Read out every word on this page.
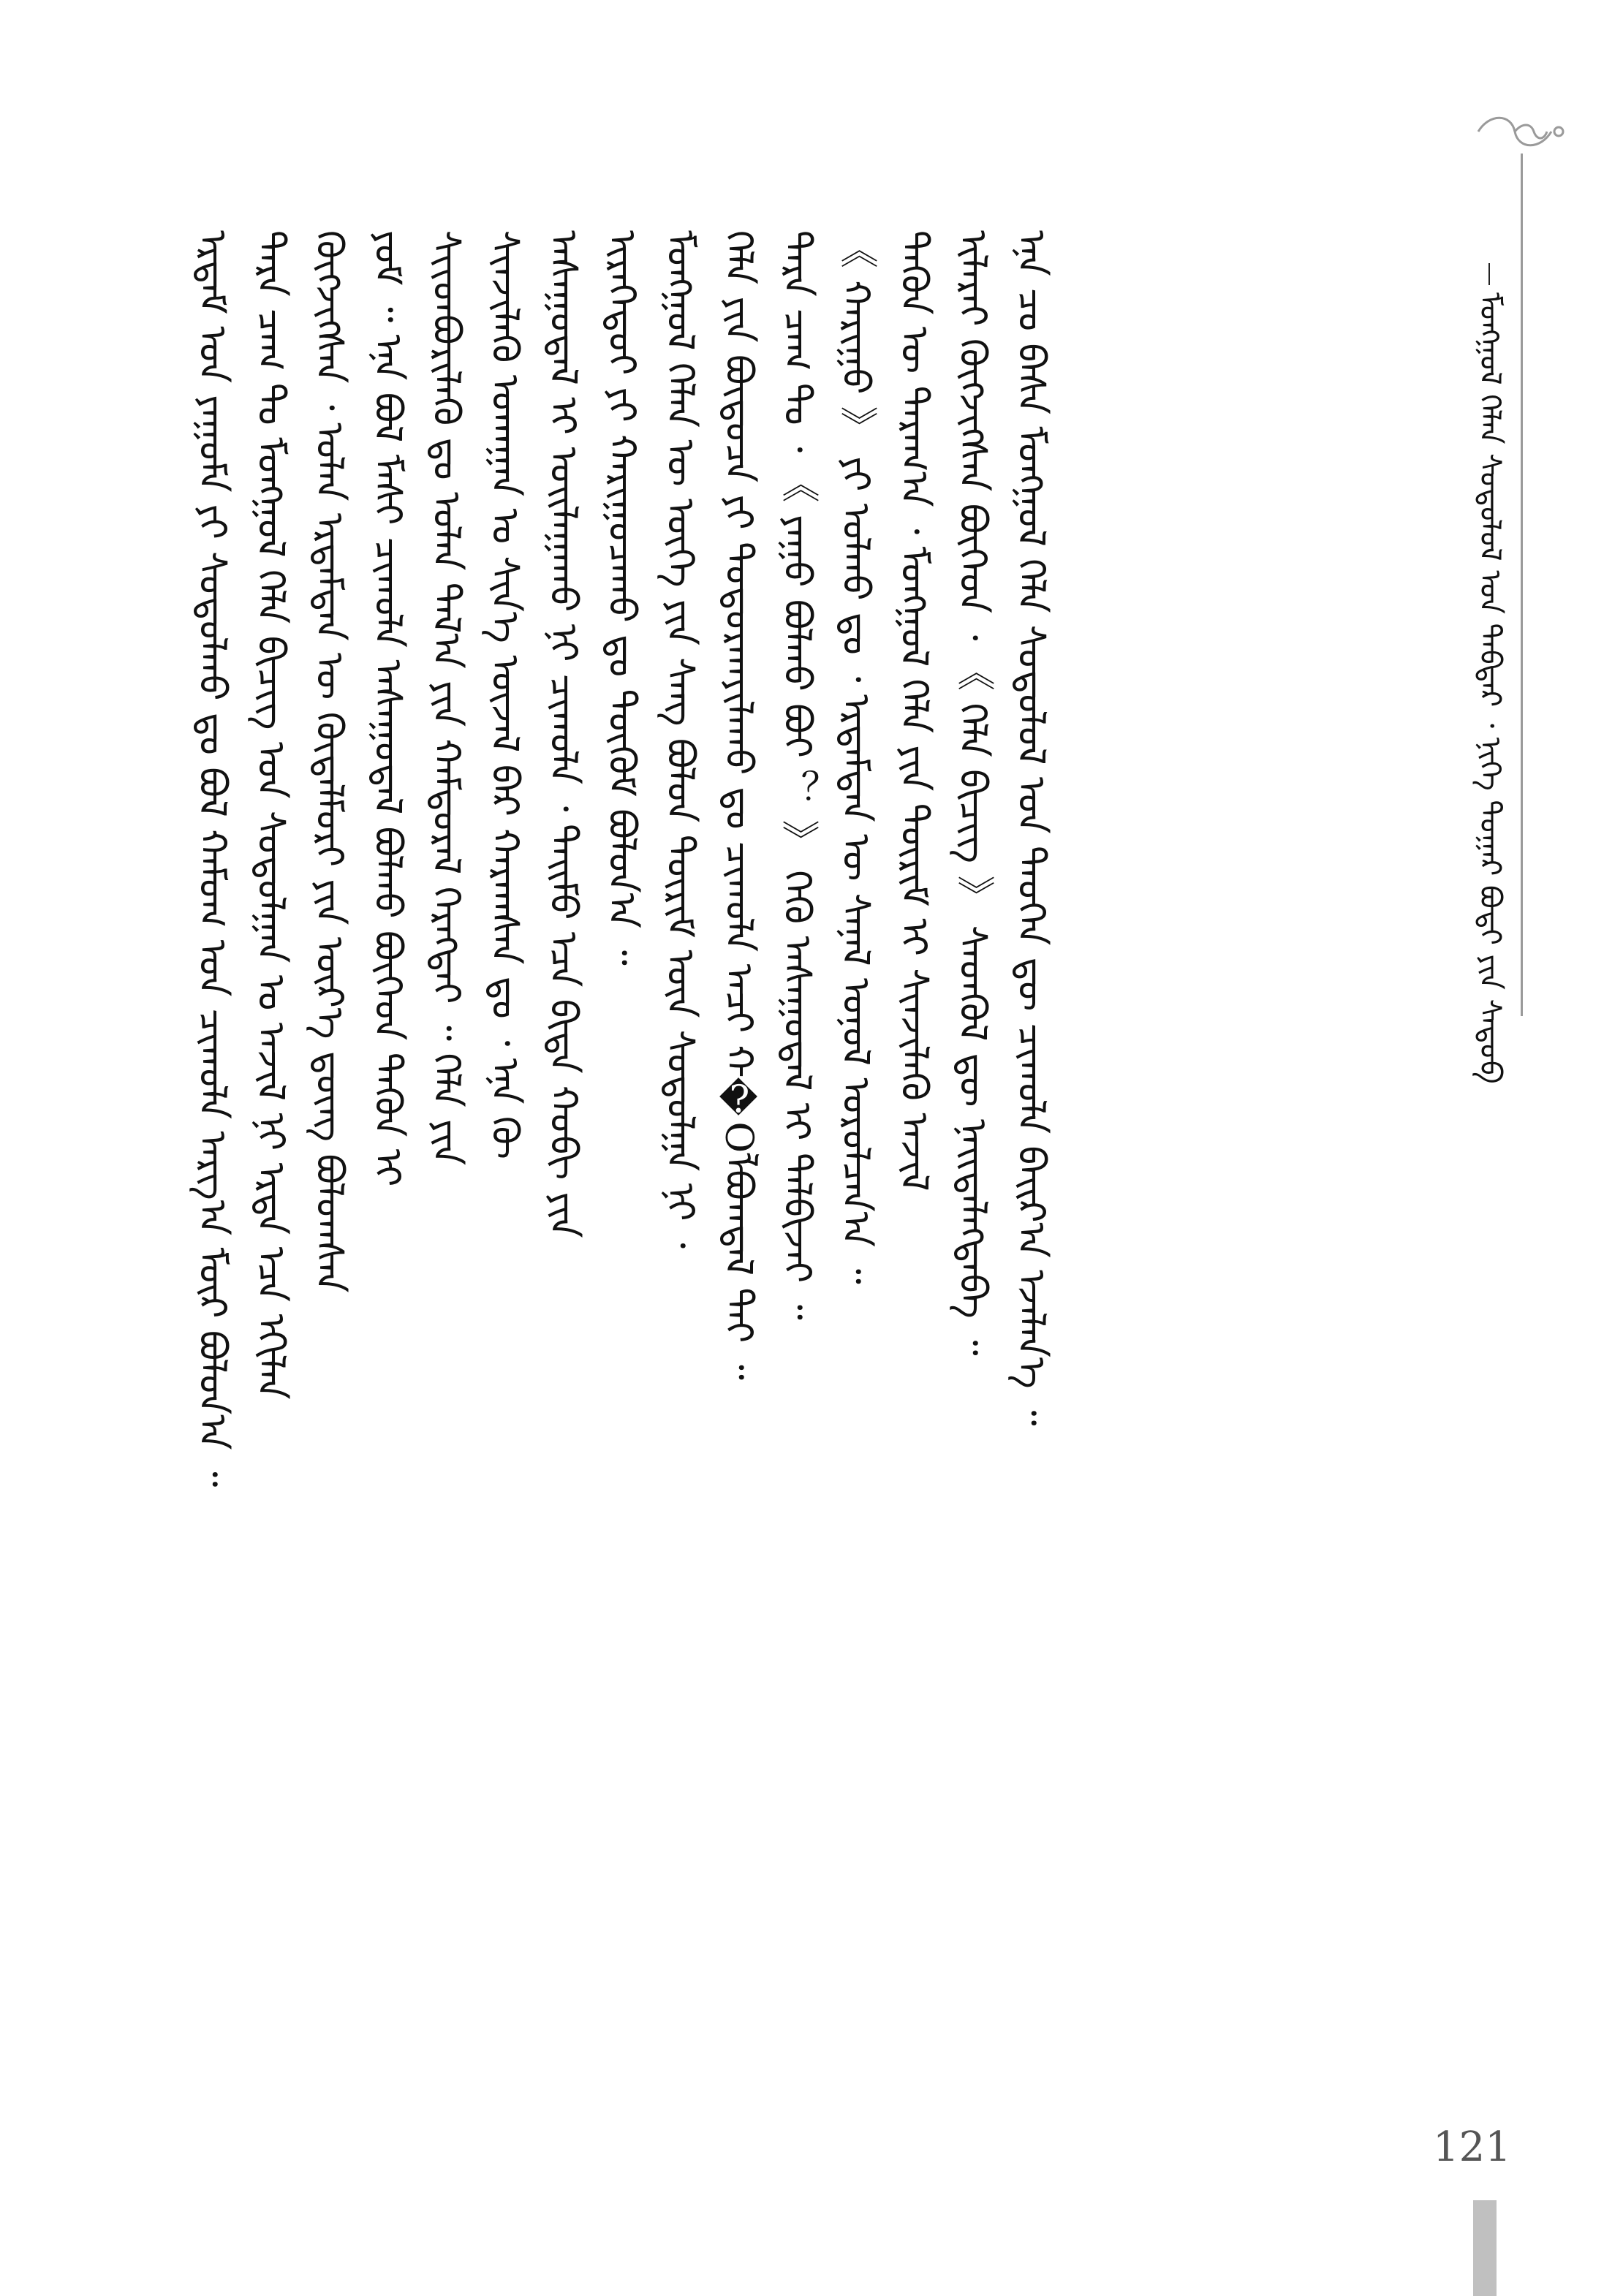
ᠮᠣᠩᠭᠣᠯ ᠬᠡᠯᠡᠨ ᠰᠤᠳᠤᠯᠤᠯ ᠤᠨ ᠳᠡᠪᠲᠡᠷ ᠂ ᠨᠢᠭᠡ ᠳᠤᠭᠠᠷ ᠪᠣᠳᠢ ᠶᠢᠨ ᠰᠡᠳᠦᠪ
ᠡᠷᠳᠡᠮ ᠤᠨ ᠶᠠᠭᠤᠮᠠ ᠶᠢ ᠰᠤᠳᠤᠯᠬᠤ ᠳᠤ ᠪᠣᠯ ᠬᠠᠮᠤᠭ ᠤᠨ ᠴᠢᠬᠤᠯᠠ ᠠᠷᠭ᠎ᠠ ᠮᠥᠷ ᠪᠣᠯᠤᠨ᠎ᠠ ᠃ ᠲᠡᠷᠡ ᠴᠠᠭ ᠲᠤ ᠮᠣᠩᠭᠣᠯ ᠬᠡᠯᠡ ᠪᠢᠴᠢᠭ ᠤᠨ ᠰᠤᠳᠤᠯᠭᠠᠨ ᠤ ᠠᠵᠢᠯ ᠨᠢ ᠡᠷᠲᠡ ᠡᠴᠡ ᠡᠬᠢᠯᠡᠨ ᠬᠥᠭᠵᠢᠭᠰᠡᠨ ᠂ ᠣᠯᠠᠨ ᠡᠷᠳᠡᠮᠲᠡᠨ ᠦ ᠬᠥᠳᠡᠯᠮᠦᠷᠢ ᠶᠢᠨ ᠦᠷ᠎ᠡ ᠳ᠋ᠦᠩ ᠪᠣᠯᠤᠭᠰᠠᠨ ᠶᠤᠮ ᠃ ᠡᠨᠡ ᠪᠤᠯ ᠮᠠᠰᠢ ᠴᠢᠬᠤᠯᠠ ᠠᠰᠠᠭᠤᠳᠠᠯ ᠪᠣᠯᠬᠤ ᠪᠥᠭᠡᠳ ᠲᠡᠭᠦᠨ ᠢ ᠰᠢᠢᠳᠪᠦᠷᠢᠯᠡᠬᠦ ᠳᠤ ᠣᠯᠠᠨ ᠲᠠᠯ᠎ᠠ ᠶᠢᠨ ᠬᠠᠮᠲᠤᠷᠠᠯ ᠬᠡᠷᠡᠭᠲᠡᠢ ᠃ ᠬᠡᠯᠡ ᠶᠢᠨ ᠰᠢᠨᠵᠢᠯᠡᠬᠦ ᠤᠬᠠᠭᠠᠨ ᠤ ᠰᠢᠨ᠎ᠡ ᠦᠵᠡᠯ ᠪᠠᠷ ᠬᠠᠷᠠᠭᠰᠠᠨ ᠳᠤ ᠂ ᠡᠨᠡ ᠬᠦ ᠠᠰᠠᠭᠤᠳᠠᠯ ᠢ ᠣᠢᠯᠠᠭᠠᠬᠤ ᠨᠢ ᠴᠢᠬᠤᠯᠠ ᠂ ᠲᠡᠢᠮᠦ ᠡᠴᠡ ᠪᠢᠳᠡ ᠬᠤᠪᠢ ᠶᠢᠨ ᠢᠷᠡᠭᠡᠳᠦᠢ ᠶᠢ ᠬᠠᠷᠢᠭᠤᠴᠠᠬᠤ ᠳᠤ ᠳᠥᠬᠥᠮ ᠪᠣᠯᠤᠨ᠎ᠠ ᠃ ᠮᠣᠩᠭᠣᠯ ᠬᠡᠯᠡᠨ ᠦ ᠦᠭᠡ ᠶᠢᠨ ᠰᠠᠩ ᠪᠣᠯᠤᠨ ᠳᠦᠷᠢᠮ ᠦᠨ ᠰᠤᠳᠤᠯᠭᠠ ᠨᠢ ᠂ ᠬᠡᠯᠡ ᠶᠢᠨ ᠪᠦᠲᠦᠴᠡ ᠶᠢ ᠲᠣᠳᠣᠷᠬᠠᠶᠢᠯᠠᠬᠤ ᠳᠤ ᠴᠢᠬᠤᠯᠠ ᠠᠴᠢ ᠬ�Оᠯᠪᠣᠭᠳᠠᠯ ᠲᠠᠢ ᠃ ᠲᠡᠷᠡ ᠴᠠᠭ ᠲᠤ ᠂ 《 ᠶᠠᠭᠤ ᠪᠣᠯᠬᠤ ᠪᠤᠢ ？ 》 ᠭᠡᠬᠦ ᠠᠰᠠᠭᠤᠳᠠᠯ ᠢ ᠲᠠᠯᠪᠢᠵᠠᠢ ᠃ 《 ᠬᠠᠷᠢᠭᠤ 》 ᠶᠢ ᠣᠯᠬᠤ ᠳᠤ ᠂ ᠡᠷᠳᠡᠮᠲᠡᠨ ᠦ ᠰᠠᠨᠠᠯ ᠣᠨᠣᠯ ᠣᠷᠣᠯᠴᠠᠨ᠎ᠠ ᠃ ᠲᠡᠭᠦᠨ ᠦ ᠳᠠᠷᠠᠭ᠎ᠠ ᠂ ᠮᠣᠩᠭᠣᠯ ᠬᠡᠯᠡ ᠶᠢᠨ ᠳᠦᠷᠢᠮ ᠢ ᠰᠢᠨᠵᠢᠯᠡᠬᠦ ᠠᠵᠢᠯ ᠢᠯᠡᠷᠡᠢ ᠬᠥᠭᠵᠢᠭᠰᠡᠨ ᠪᠥᠭᠡᠳ ᠂ 《 ᠬᠡᠯᠡ ᠪᠢᠴᠢᠭ 》 ᠰᠡᠳᠭᠦᠯ ᠳᠦ ᠨᠡᠢᠲᠡᠯᠡᠭᠳᠡᠪᠡ ᠃ ᠡᠨᠡ ᠴᠤ ᠪᠠᠰᠠ ᠮᠣᠩᠭᠣᠯ ᠬᠡᠯᠡ ᠰᠤᠳᠤᠯᠤᠯ ᠤᠨ ᠲᠡᠦᠬᠡᠨ ᠳᠦ ᠴᠢᠬᠤᠯᠠ ᠪᠠᠢᠷ᠎ᠠ ᠡᠵᠡᠯᠡᠨ᠎ᠡ ᠃
121
